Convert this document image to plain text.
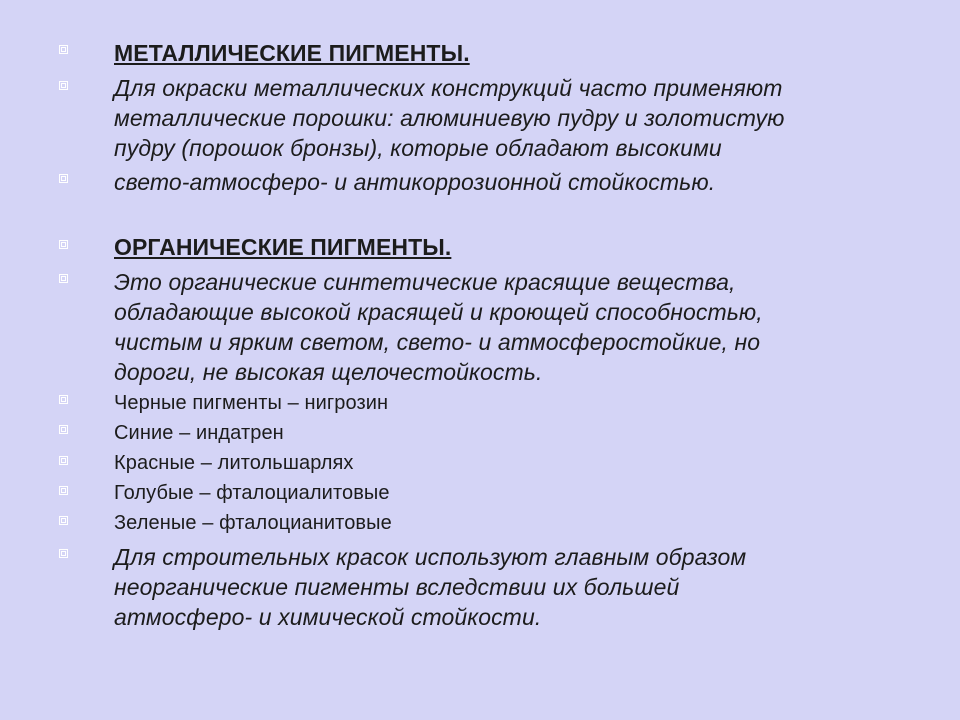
МЕТАЛЛИЧЕСКИЕ ПИГМЕНТЫ.
Для окраски металлических конструкций часто применяют
металлические порошки: алюминиевую пудру и золотистую
пудру (порошок бронзы), которые обладают высокими
свето-атмосферо- и антикоррозионной стойкостью.
ОРГАНИЧЕСКИЕ ПИГМЕНТЫ.
Это органические синтетические красящие вещества,
обладающие высокой красящей и кроющей способностью,
чистым и ярким светом, свето- и атмосферостойкие, но
дороги, не высокая щелочестойкость.
Черные пигменты – нигрозин
Синие – индатрен
Красные – литольшарлях
Голубые – фталоциалитовые
Зеленые – фталоцианитовые
Для строительных красок используют главным образом
неорганические пигменты вследствии их большей
атмосферо- и химической стойкости.
